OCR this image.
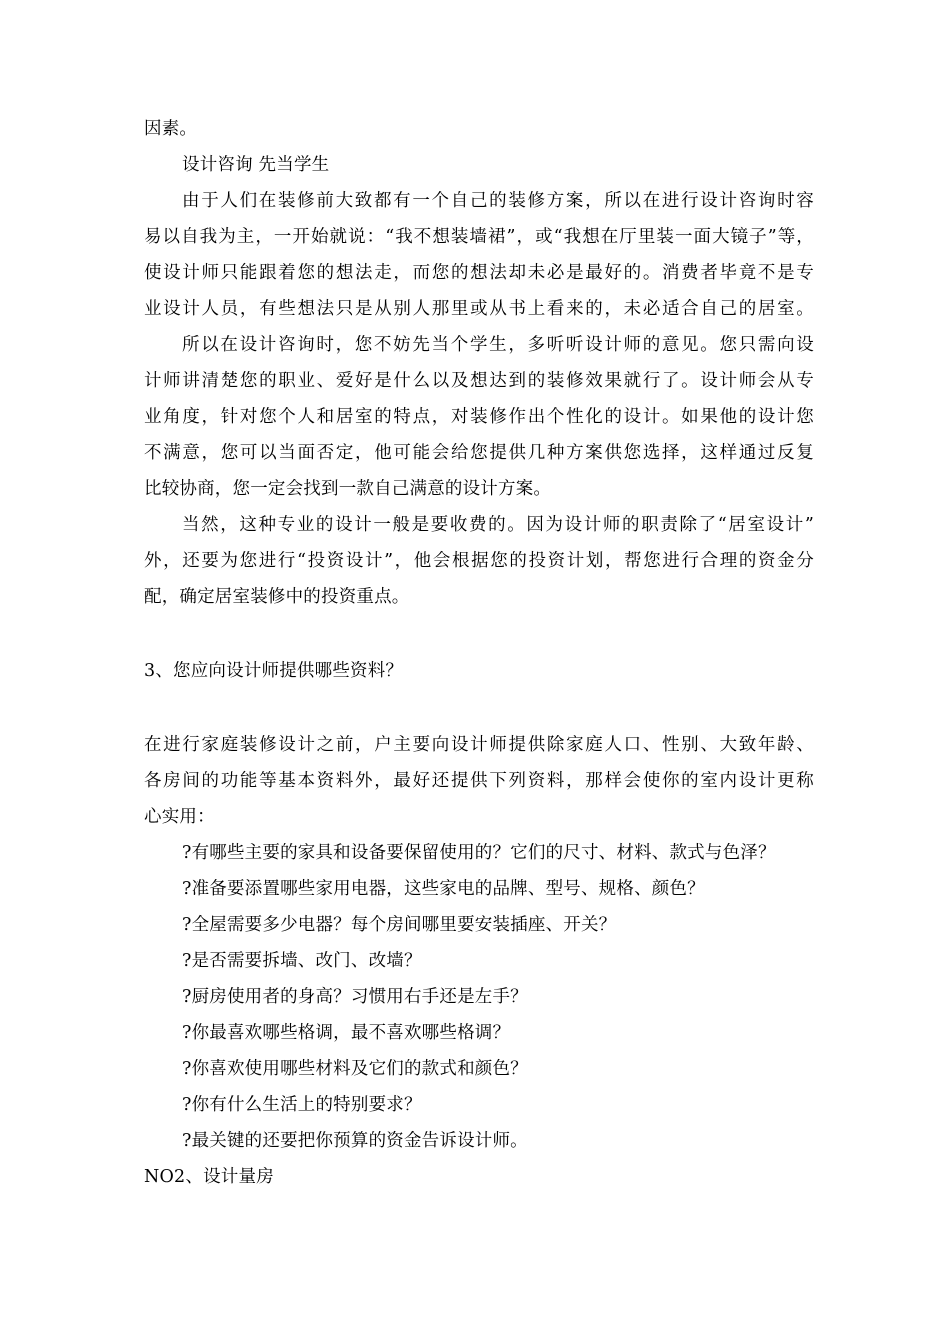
因素。
设计咨询 先当学生
由于人们在装修前大致都有一个自己的装修方案，所以在进行设计咨询时容
易以自我为主，一开始就说：“我不想装墙裙”，或“我想在厅里装一面大镜子”等，
使设计师只能跟着您的想法走，而您的想法却未必是最好的。消费者毕竟不是专
业设计人员，有些想法只是从别人那里或从书上看来的，未必适合自己的居室。
所以在设计咨询时，您不妨先当个学生，多听听设计师的意见。您只需向设
计师讲清楚您的职业、爱好是什么以及想达到的装修效果就行了。设计师会从专
业角度，针对您个人和居室的特点，对装修作出个性化的设计。如果他的设计您
不满意，您可以当面否定，他可能会给您提供几种方案供您选择，这样通过反复
比较协商，您一定会找到一款自己满意的设计方案。
当然，这种专业的设计一般是要收费的。因为设计师的职责除了“居室设计”
外，还要为您进行“投资设计”，他会根据您的投资计划，帮您进行合理的资金分
配，确定居室装修中的投资重点。
3、您应向设计师提供哪些资料？
在进行家庭装修设计之前，户主要向设计师提供除家庭人口、性别、大致年龄、
各房间的功能等基本资料外，最好还提供下列资料，那样会使你的室内设计更称
心实用：
?有哪些主要的家具和设备要保留使用的？它们的尺寸、材料、款式与色泽？
?准备要添置哪些家用电器，这些家电的品牌、型号、规格、颜色？
?全屋需要多少电器？每个房间哪里要安装插座、开关？
?是否需要拆墙、改门、改墙？
?厨房使用者的身高？习惯用右手还是左手？
?你最喜欢哪些格调，最不喜欢哪些格调？
?你喜欢使用哪些材料及它们的款式和颜色？
?你有什么生活上的特别要求？
?最关键的还要把你预算的资金告诉设计师。
NO2、设计量房
